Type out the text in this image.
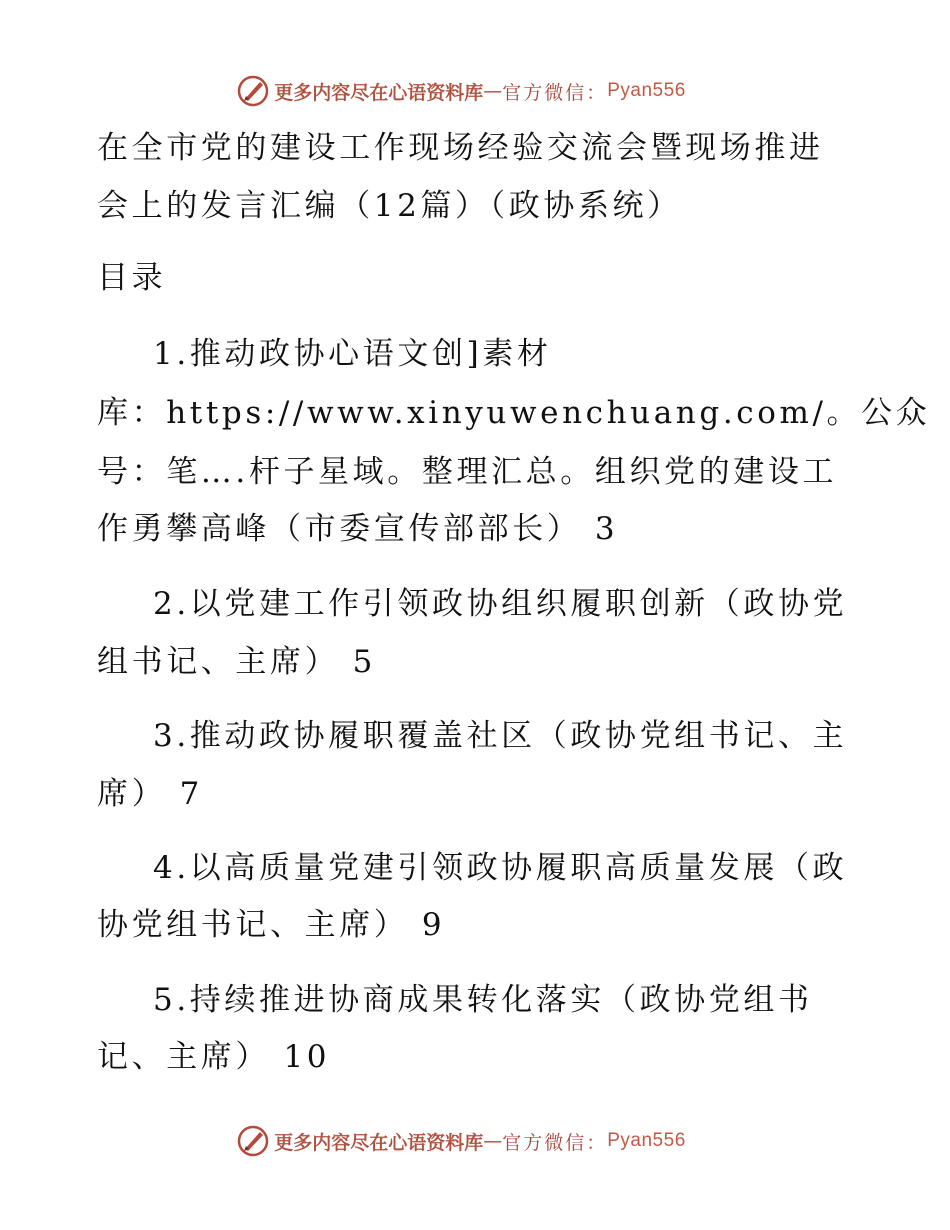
更多内容尽在心语资料库 — 官方微信： Pyan556
在全市党的建设工作现场经验交流会暨现场推进
会上的发言汇编（12篇）（政协系统）
目录
1.推动政协心语文创]素材
库：https://www.xinyuwenchuang.com/。公众
号：笔….杆子星域。整理汇总。组织党的建设工
作勇攀高峰（市委宣传部部长） 3
2.以党建工作引领政协组织履职创新（政协党
组书记、主席） 5
3.推动政协履职覆盖社区（政协党组书记、主
席） 7
4.以高质量党建引领政协履职高质量发展（政
协党组书记、主席） 9
5.持续推进协商成果转化落实（政协党组书
记、主席） 10
更多内容尽在心语资料库 — 官方微信： Pyan556
